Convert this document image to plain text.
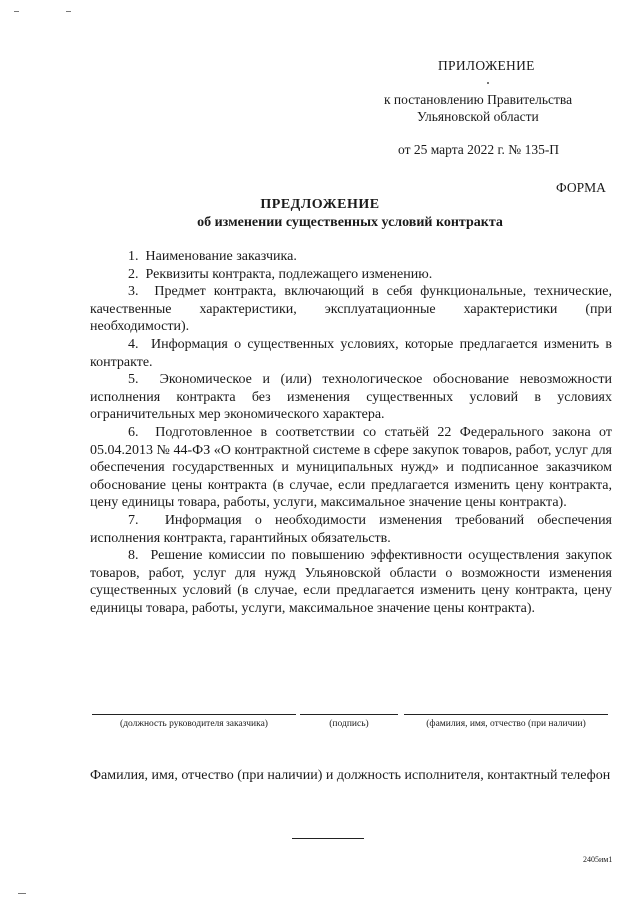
ПРИЛОЖЕНИЕ
к постановлению Правительства
Ульяновской области
от 25 марта 2022 г. № 135-П
ФОРМА
ПРЕДЛОЖЕНИЕ
об изменении существенных условий контракта

1.  Наименование заказчика.

2.  Реквизиты контракта, подлежащего изменению.

3.  Предмет контракта, включающий в себя функциональные, технические, качественные характеристики, эксплуатационные характеристики (при необходимости).

4.  Информация о существенных условиях, которые предлагается изменить в контракте.

5.  Экономическое и (или) технологическое обоснование невозможности исполнения контракта без изменения существенных условий в условиях ограничительных мер экономического характера.

6.  Подготовленное в соответствии со статьёй 22 Федерального закона от 05.04.2013 № 44-ФЗ «О контрактной системе в сфере закупок товаров, работ, услуг для обеспечения государственных и муниципальных нужд» и подписанное заказчиком обоснование цены контракта (в случае, если предлагается изменить цену контракта, цену единицы товара, работы, услуги, максимальное значение цены контракта).

7.  Информация о необходимости изменения требований обеспечения исполнения контракта, гарантийных обязательств.

8.  Решение комиссии по повышению эффективности осуществления закупок товаров, работ, услуг для нужд Ульяновской области о возможности изменения существенных условий (в случае, если предлагается изменить цену контракта, цену единицы товара, работы, услуги, максимальное значение цены контракта).

(должность руководителя заказчика)	(подпись)	(фамилия, имя, отчество (при наличии)
Фамилия, имя, отчество (при наличии) и должность исполнителя, контактный телефон
2405им1
